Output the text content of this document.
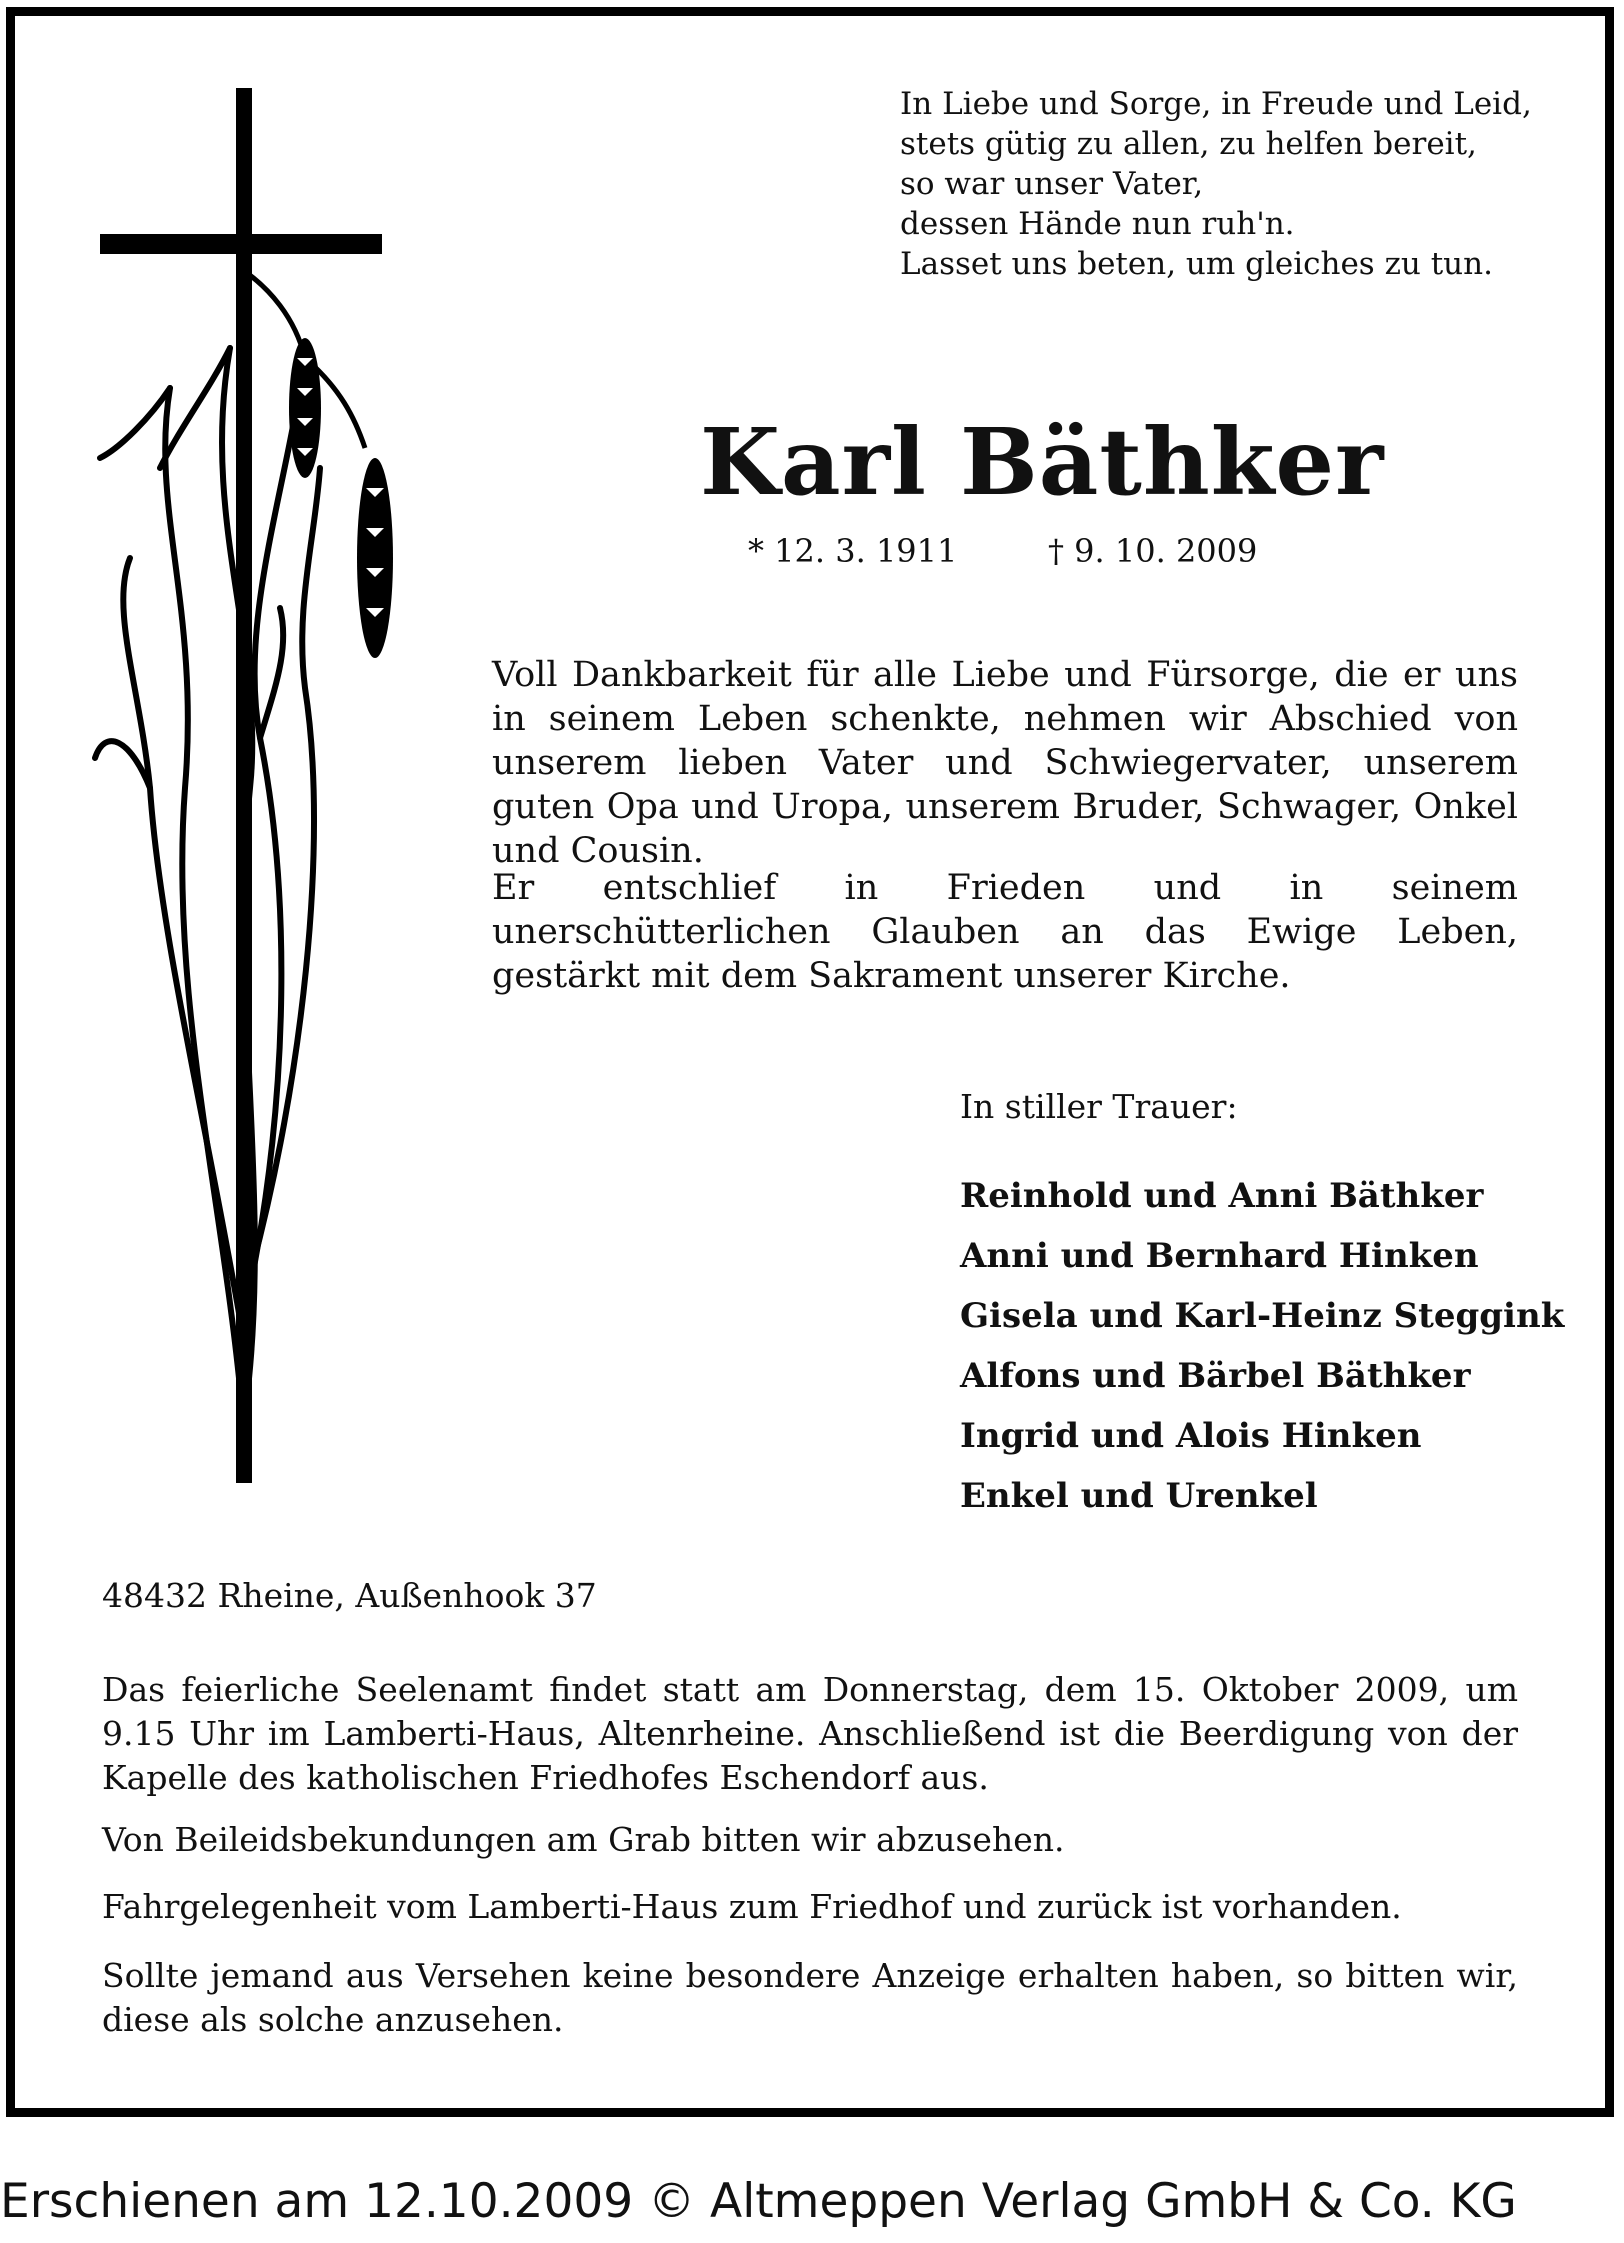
In Liebe und Sorge, in Freude und Leid,
stets gütig zu allen, zu helfen bereit,
so war unser Vater,
dessen Hände nun ruh'n.
Lasset uns beten, um gleiches zu tun.
Karl Bäthker
* 12. 3. 1911	† 9. 10. 2009
Voll Dankbarkeit für alle Liebe und Fürsorge, die er uns in seinem Leben schenkte, nehmen wir Abschied von unserem lieben Vater und Schwiegervater, unserem guten Opa und Uropa, unserem Bruder, Schwager, Onkel und Cousin.
Er entschlief in Frieden und in seinem unerschütterlichen Glauben an das Ewige Leben, gestärkt mit dem Sakrament unserer Kirche.
In stiller Trauer:
Reinhold und Anni Bäthker
Anni und Bernhard Hinken
Gisela und Karl-Heinz Steggink
Alfons und Bärbel Bäthker
Ingrid und Alois Hinken
Enkel und Urenkel
48432 Rheine, Außenhook 37
Das feierliche Seelenamt findet statt am Donnerstag, dem 15. Oktober 2009, um 9.15 Uhr im Lamberti-Haus, Altenrheine. Anschließend ist die Beerdigung von der Kapelle des katholischen Friedhofes Eschendorf aus.
Von Beileidsbekundungen am Grab bitten wir abzusehen.
Fahrgelegenheit vom Lamberti-Haus zum Friedhof und zurück ist vorhanden.
Sollte jemand aus Versehen keine besondere Anzeige erhalten haben, so bitten wir, diese als solche anzusehen.
Erschienen am 12.10.2009 © Altmeppen Verlag GmbH & Co. KG
